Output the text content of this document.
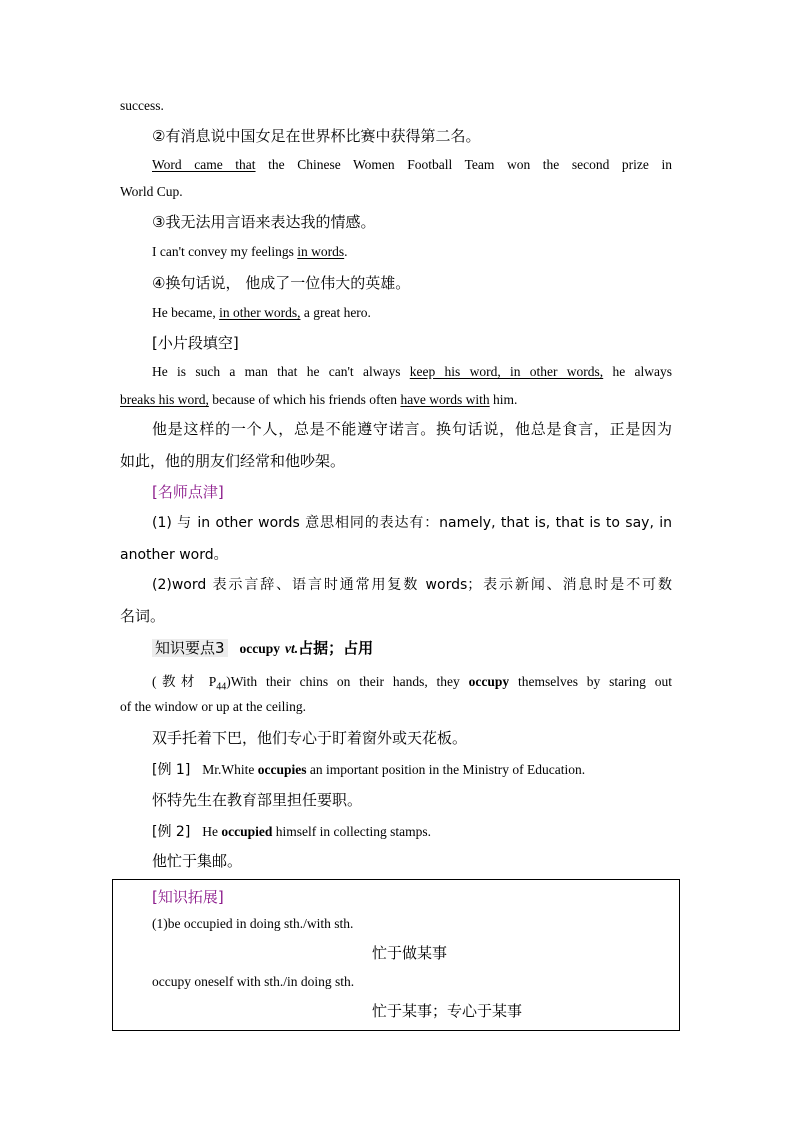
success.
②有消息说中国女足在世界杯比赛中获得第二名。
Word came that the Chinese Women Football Team won the second prize in
World Cup.
③我无法用言语来表达我的情感。
I can't convey my feelings in words.
④换句话说， 他成了一位伟大的英雄。
He became, in other words, a great hero.
[小片段填空]
He is such a man that he can't always keep his word, in other words, he always
breaks his word, because of which his friends often have words with him.
他是这样的一个人，总是不能遵守诺言。换句话说，他总是食言，正是因为
如此，他的朋友们经常和他吵架。
[名师点津]
(1) 与 in other words 意思相同的表达有：namely, that is, that is to say, in
another word。
(2)word 表示言辞、语言时通常用复数 words；表示新闻、消息时是不可数
名词。
知识要点3 occupy vt.占据；占用
(教材 $P_{44})With$ their chins on their hands, they occupy themselves by staring out
of the window or up at the ceiling.
双手托着下巴，他们专心于盯着窗外或天花板。
[例 1] Mr.White occupies an important position in the Ministry of Education.
怀特先生在教育部里担任要职。
[例 2] He occupied himself in collecting stamps.
他忙于集邮。
[知识拓展]
(1)be occupied in doing sth./with sth.
忙于做某事
occupy oneself with sth./in doing sth.
忙于某事；专心于某事
